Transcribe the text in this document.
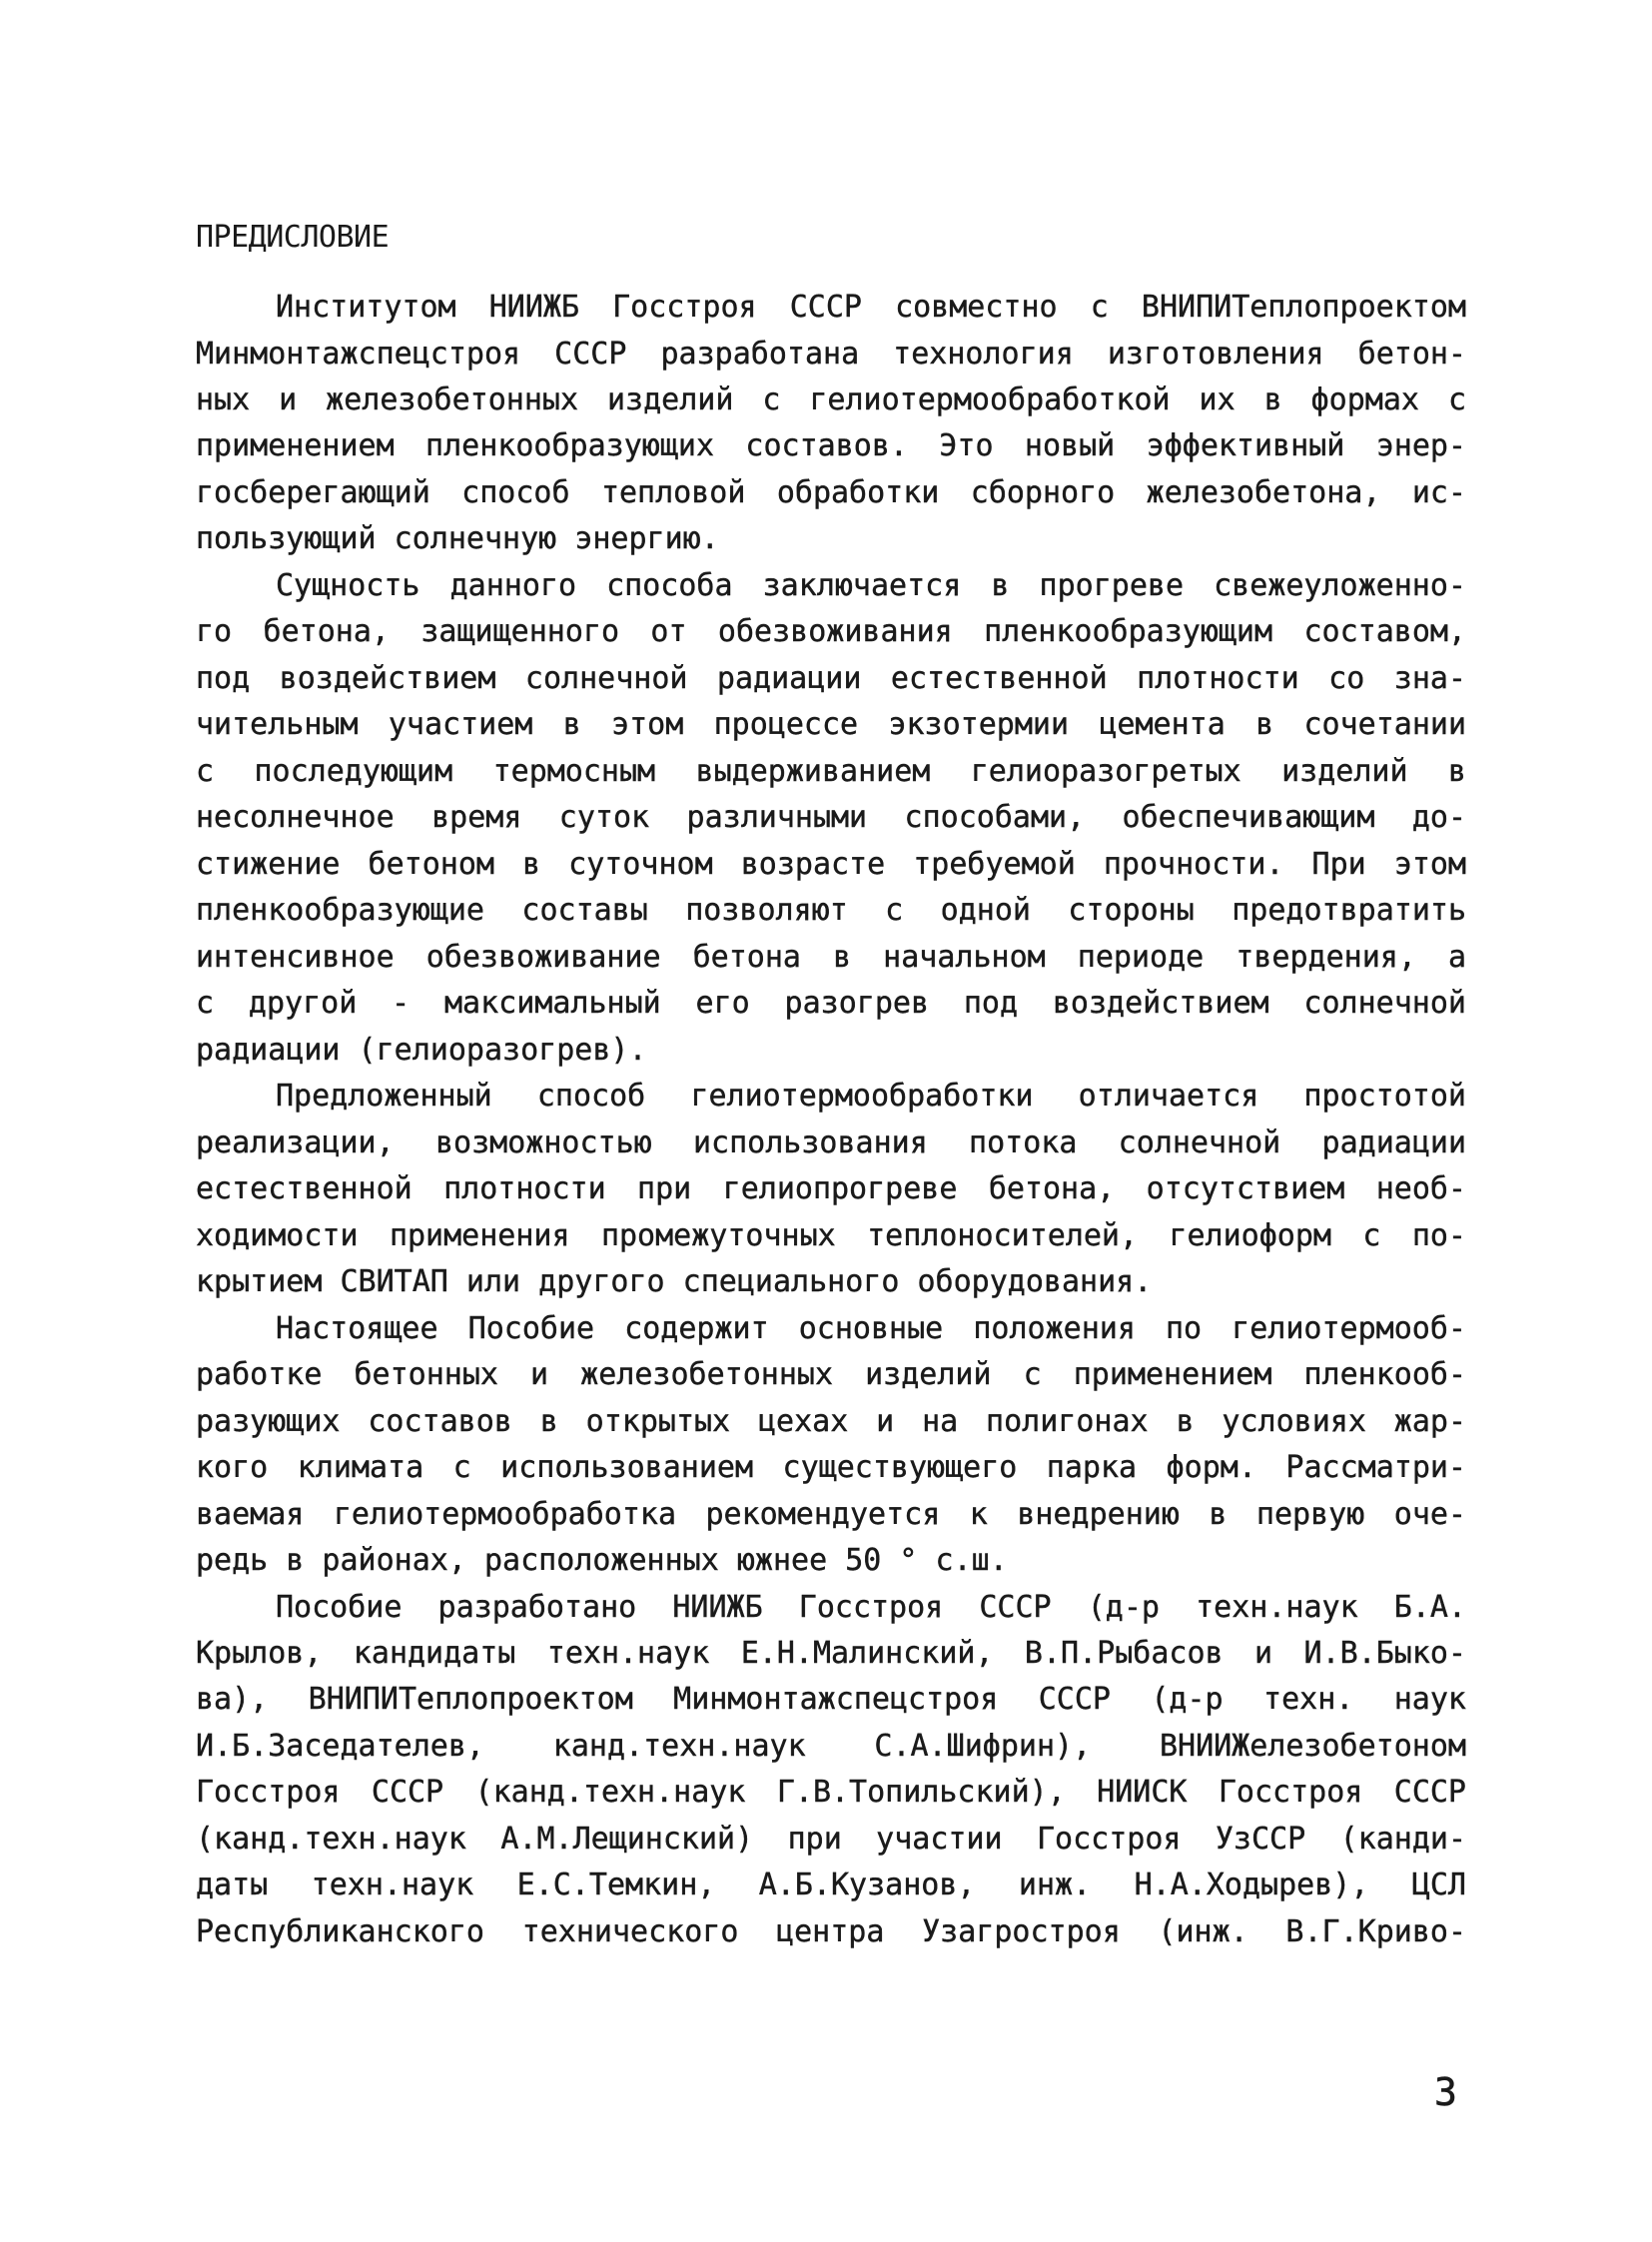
ПРЕДИСЛОВИЕ
Институтом НИИЖБ Госстроя СССР совместно с ВНИПИТеплопроектом
Минмонтажспецстроя СССР разработана технология изготовления бетон-
ных и железобетонных изделий с гелиотермообработкой их в формах с
применением пленкообразующих составов. Это новый эффективный энер-
госберегающий способ тепловой обработки сборного железобетона, ис-
пользующий солнечную энергию.
Сущность данного способа заключается в прогреве свежеуложенно-
го бетона, защищенного от обезвоживания пленкообразующим составом,
под воздействием солнечной радиации естественной плотности со зна-
чительным участием в этом процессе экзотермии цемента в сочетании
с последующим термосным выдерживанием гелиоразогретых изделий в
несолнечное время суток различными способами, обеспечивающим до-
стижение бетоном в суточном возрасте требуемой прочности. При этом
пленкообразующие составы позволяют с одной стороны предотвратить
интенсивное обезвоживание бетона в начальном периоде твердения, а
с другой - максимальный его разогрев под воздействием солнечной
радиации (гелиоразогрев).
Предложенный способ гелиотермообработки отличается простотой
реализации, возможностью использования потока солнечной радиации
естественной плотности при гелиопрогреве бетона, отсутствием необ-
ходимости применения промежуточных теплоносителей, гелиоформ с по-
крытием СВИТАП или другого специального оборудования.
Настоящее Пособие содержит основные положения по гелиотермооб-
работке бетонных и железобетонных изделий с применением пленкооб-
разующих составов в открытых цехах и на полигонах в условиях жар-
кого климата с использованием существующего парка форм. Рассматри-
ваемая гелиотермообработка рекомендуется к внедрению в первую оче-
редь в районах, расположенных южнее 50 ° с.ш.
Пособие разработано НИИЖБ Госстроя СССР (д-р техн.наук Б.А.
Крылов, кандидаты техн.наук Е.Н.Малинский, В.П.Рыбасов и И.В.Быко-
ва), ВНИПИТеплопроектом Минмонтажспецстроя СССР (д-р техн. наук
И.Б.Заседателев, канд.техн.наук С.А.Шифрин), ВНИИЖелезобетоном
Госстроя СССР (канд.техн.наук Г.В.Топильский), НИИСК Госстроя СССР
(канд.техн.наук А.М.Лещинский) при участии Госстроя УзССР (канди-
даты техн.наук Е.С.Темкин, А.Б.Кузанов, инж. Н.А.Ходырев), ЦСЛ
Республиканского технического центра Узагростроя (инж. В.Г.Криво-
3
